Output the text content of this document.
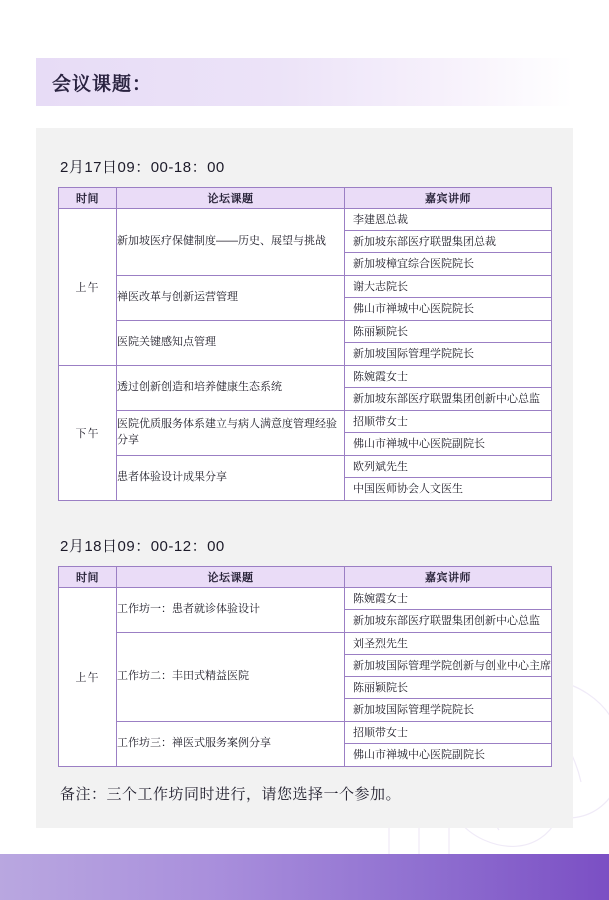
会议课题：
2月17日09：00-18：00
时间	论坛课题	嘉宾讲师
上午	新加坡医疗保健制度——历史、展望与挑战	李建恩总裁
新加坡东部医疗联盟集团总裁
新加坡樟宜综合医院院长

	禅医改革与创新运营管理	谢大志院长
佛山市禅城中心医院院长

	医院关键感知点管理	陈丽颖院长
新加坡国际管理学院院长

下午	透过创新创造和培养健康生态系统	陈婉霞女士
新加坡东部医疗联盟集团创新中心总监

	医院优质服务体系建立与病人满意度管理经验分享	招顺带女士
佛山市禅城中心医院副院长

	患者体验设计成果分享	欧列斌先生
中国医师协会人文医生
2月18日09：00-12：00
时间	论坛课题	嘉宾讲师
上午	工作坊一：患者就诊体验设计	陈婉霞女士
新加坡东部医疗联盟集团创新中心总监

	工作坊二：丰田式精益医院	刘圣烈先生
新加坡国际管理学院创新与创业中心主席
陈丽颖院长
新加坡国际管理学院院长

	工作坊三：禅医式服务案例分享	招顺带女士
佛山市禅城中心医院副院长
备注：三个工作坊同时进行，请您选择一个参加。
